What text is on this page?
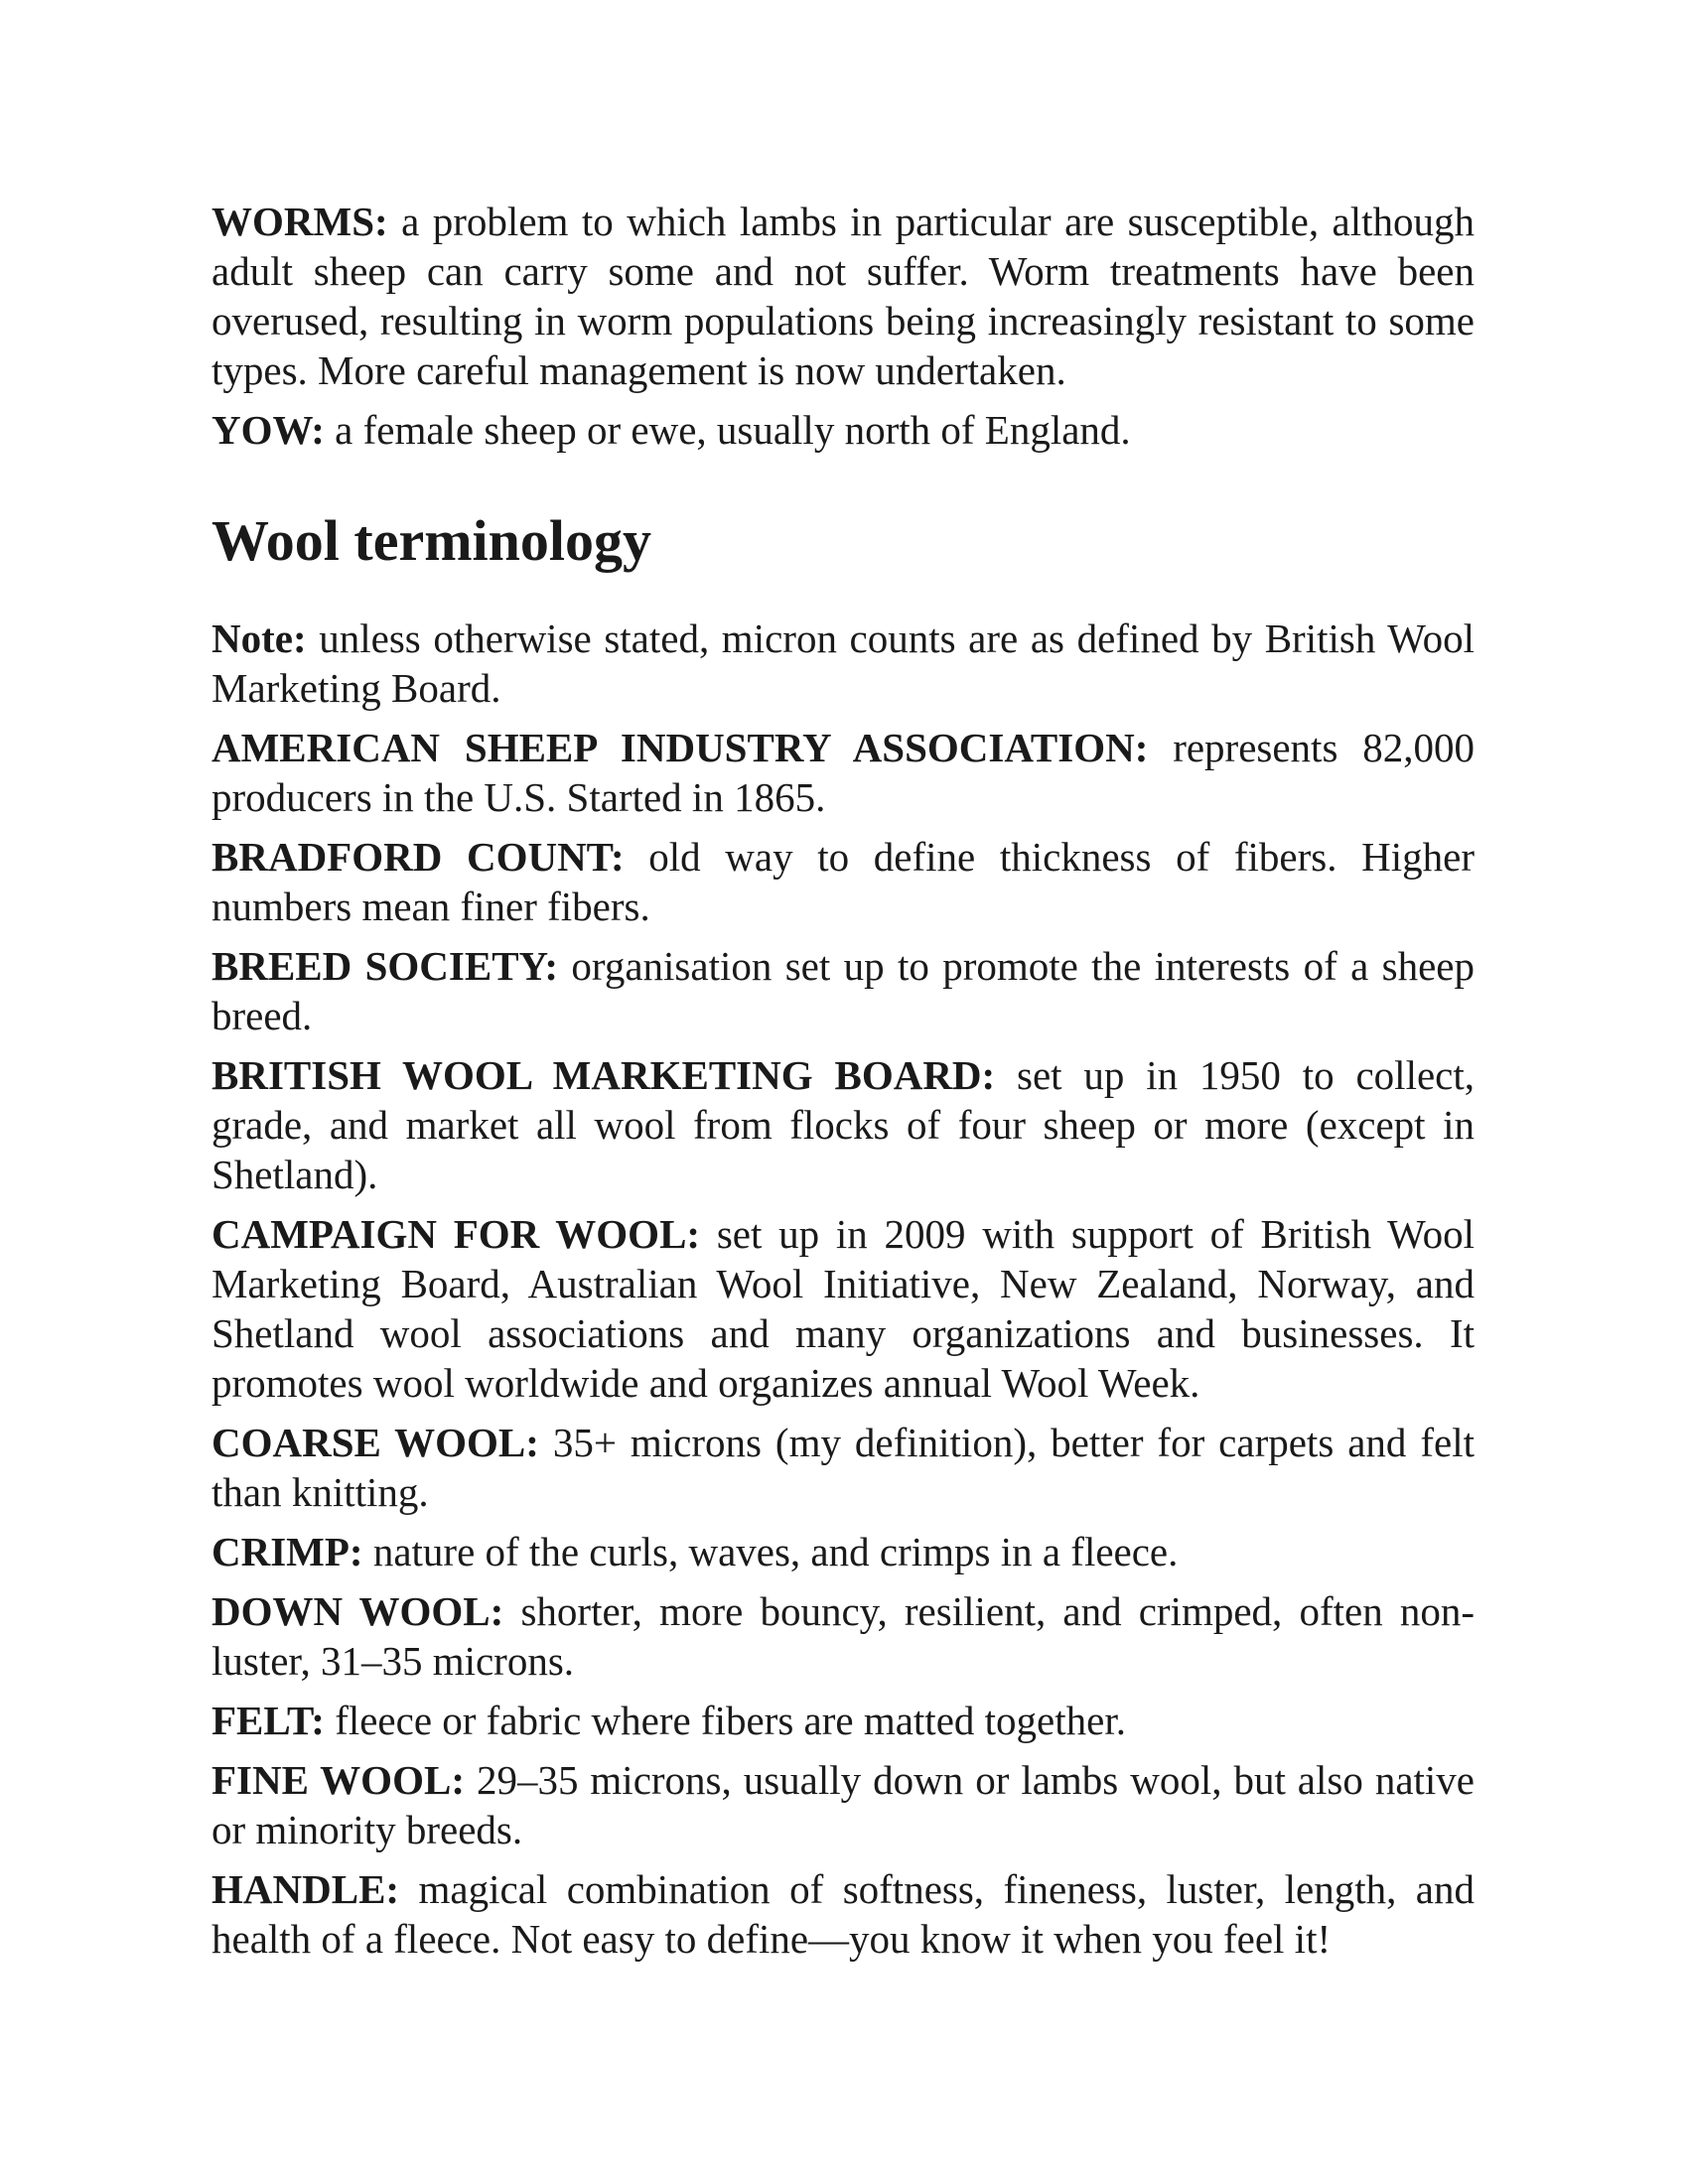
WORMS: a problem to which lambs in particular are susceptible, although adult sheep can carry some and not suffer. Worm treatments have been overused, resulting in worm populations being increasingly resistant to some types. More careful management is now undertaken.

YOW: a female sheep or ewe, usually north of England.

Wool terminology

Note: unless otherwise stated, micron counts are as defined by British Wool Marketing Board.

AMERICAN SHEEP INDUSTRY ASSOCIATION: represents 82,000 producers in the U.S. Started in 1865.

BRADFORD COUNT: old way to define thickness of fibers. Higher numbers mean finer fibers.

BREED SOCIETY: organisation set up to promote the interests of a sheep breed.

BRITISH WOOL MARKETING BOARD: set up in 1950 to collect, grade, and market all wool from flocks of four sheep or more (except in Shetland).

CAMPAIGN FOR WOOL: set up in 2009 with support of British Wool Marketing Board, Australian Wool Initiative, New Zealand, Norway, and Shetland wool associations and many organizations and businesses. It promotes wool worldwide and organizes annual Wool Week.

COARSE WOOL: 35+ microns (my definition), better for carpets and felt than knitting.

CRIMP: nature of the curls, waves, and crimps in a fleece.

DOWN WOOL: shorter, more bouncy, resilient, and crimped, often non-luster, 31–35 microns.

FELT: fleece or fabric where fibers are matted together.

FINE WOOL: 29–35 microns, usually down or lambs wool, but also native or minority breeds.

HANDLE: magical combination of softness, fineness, luster, length, and health of a fleece. Not easy to define—you know it when you feel it!
